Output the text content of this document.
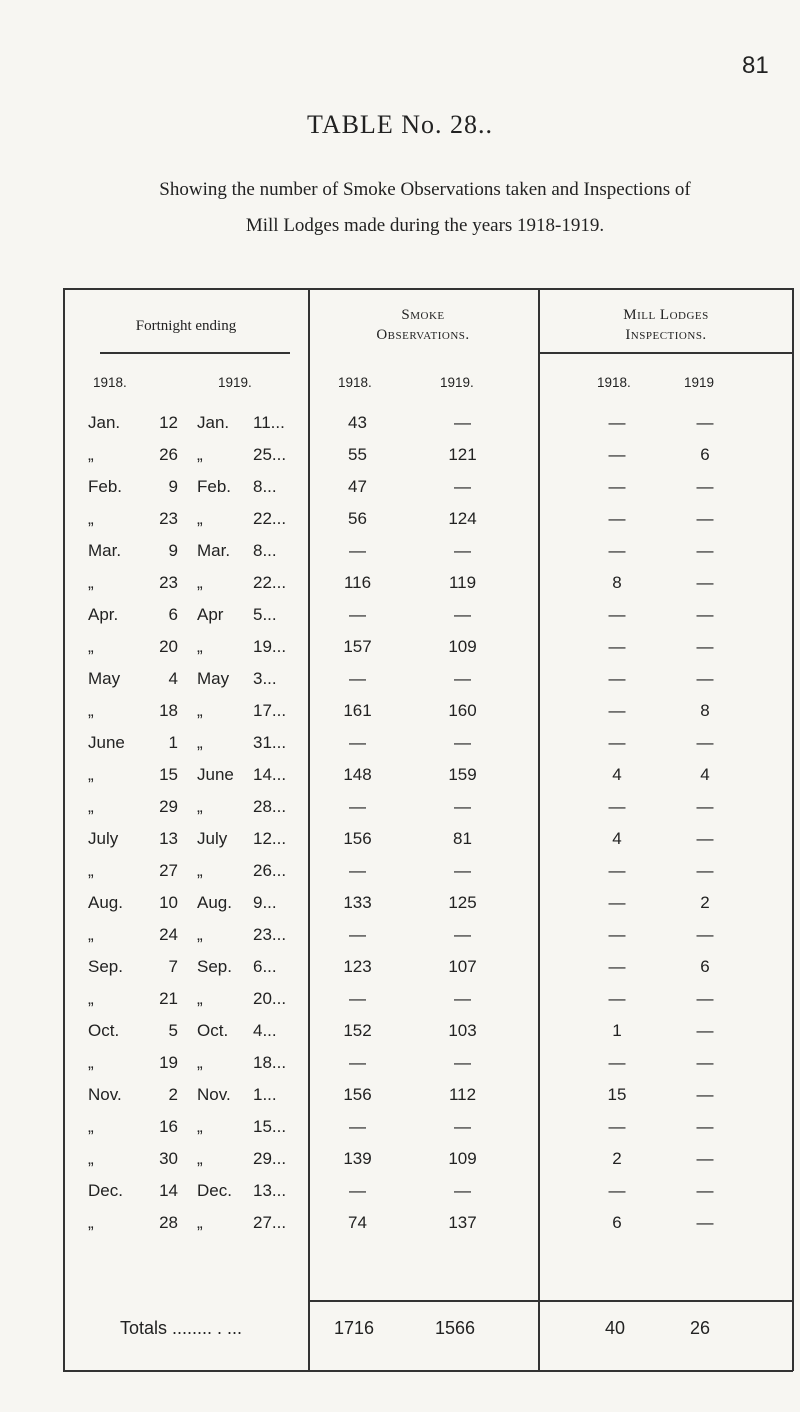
81
TABLE No. 28..
Showing the number of Smoke Observations taken and Inspections of
Mill Lodges made during the years 1918-1919.
Fortnight ending
Smoke
Observations.
Mill Lodges
Inspections.
1918.	1919.	1918.	1919.	1918.	1919
Jan.	12 Jan. 11...	43	—	—	—
„	26 „	25...	55	121	—	6
Feb.	9 Feb. 8...	47	—	—	—
„	23 „	22...	56	124	—	—
Mar.	9 Mar. 8...	—	—	—	—
„	23 „	22...	116	119	8	—
Apr.	6 Apr 5...	—	—	—	—
„	20 „	19...	157	109	—	—
May	4 May 3...	—	—	—	—
„	18 „	17...	161	160	—	8
June	1 „	31...	—	—	—	—
„	15 June 14...	148	159	4	4
„	29 „	28...	—	—	—	—
July	13 July 12...	156	81	4	—
„	27 „	26...	—	—	—	—
Aug.	10 Aug. 9...	133	125	—	2
„	24 „	23...	—	—	—	—
Sep.	7 Sep. 6...	123	107	—	6
„	21 „	20...	—	—	—	—
Oct.	5 Oct. 4...	152	103	1	—
„	19 „	18...	—	—	—	—
Nov.	2 Nov. 1...	156	112	15	—
„	16 „	15...	—	—	—	—
„	30 „	29...	139	109	2	—
Dec.	14 Dec. 13...	—	—	—	—
„	28 „	27...	74	137	6	—
Totals ........ . ...	1716	1566	40	26
